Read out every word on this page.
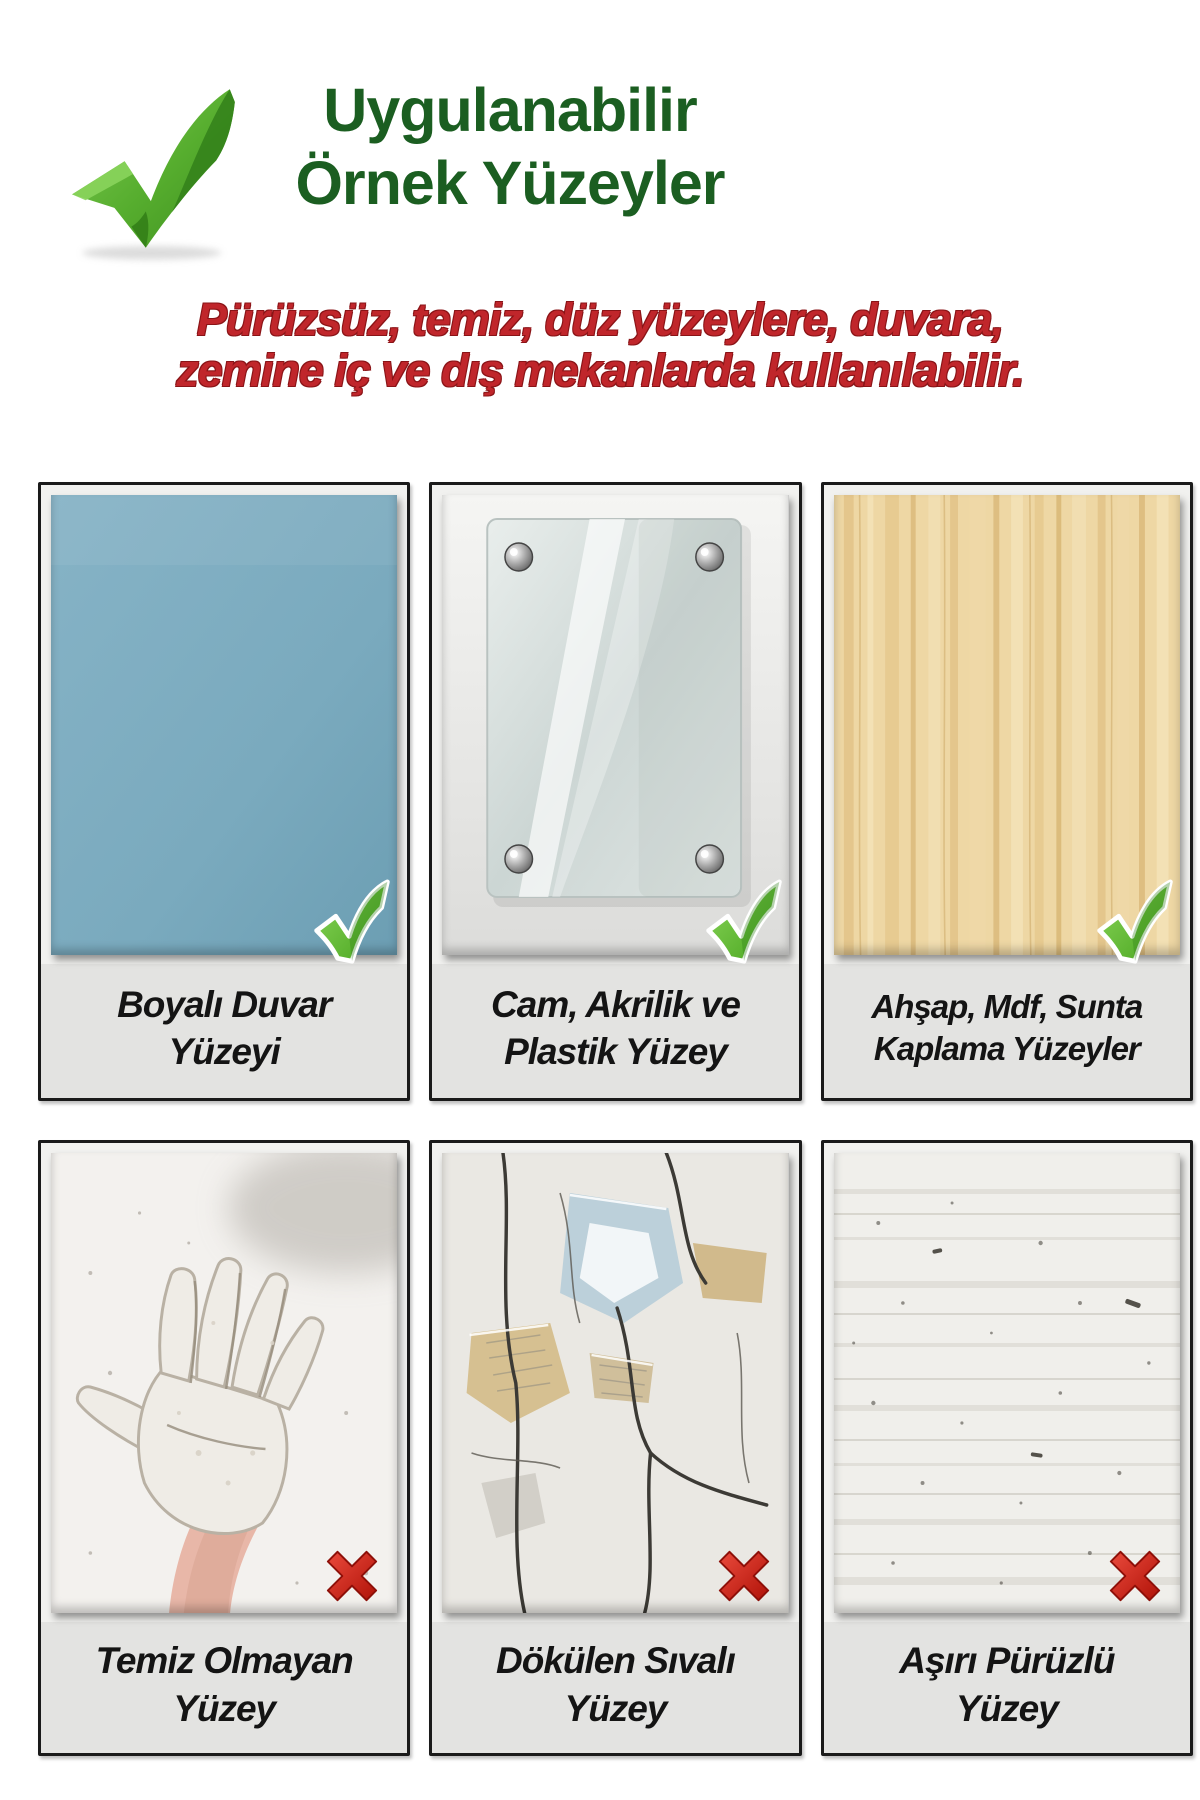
Uygulanabilir
Örnek Yüzeyler
Pürüzsüz, temiz, düz yüzeylere, duvara,
zemine iç ve dış mekanlarda kullanılabilir.
Boyalı Duvar
Yüzeyi
Cam, Akrilik ve
Plastik Yüzey
Ahşap, Mdf, Sunta
Kaplama Yüzeyler
Temiz Olmayan
Yüzey
Dökülen Sıvalı
Yüzey
Aşırı Pürüzlü
Yüzey
